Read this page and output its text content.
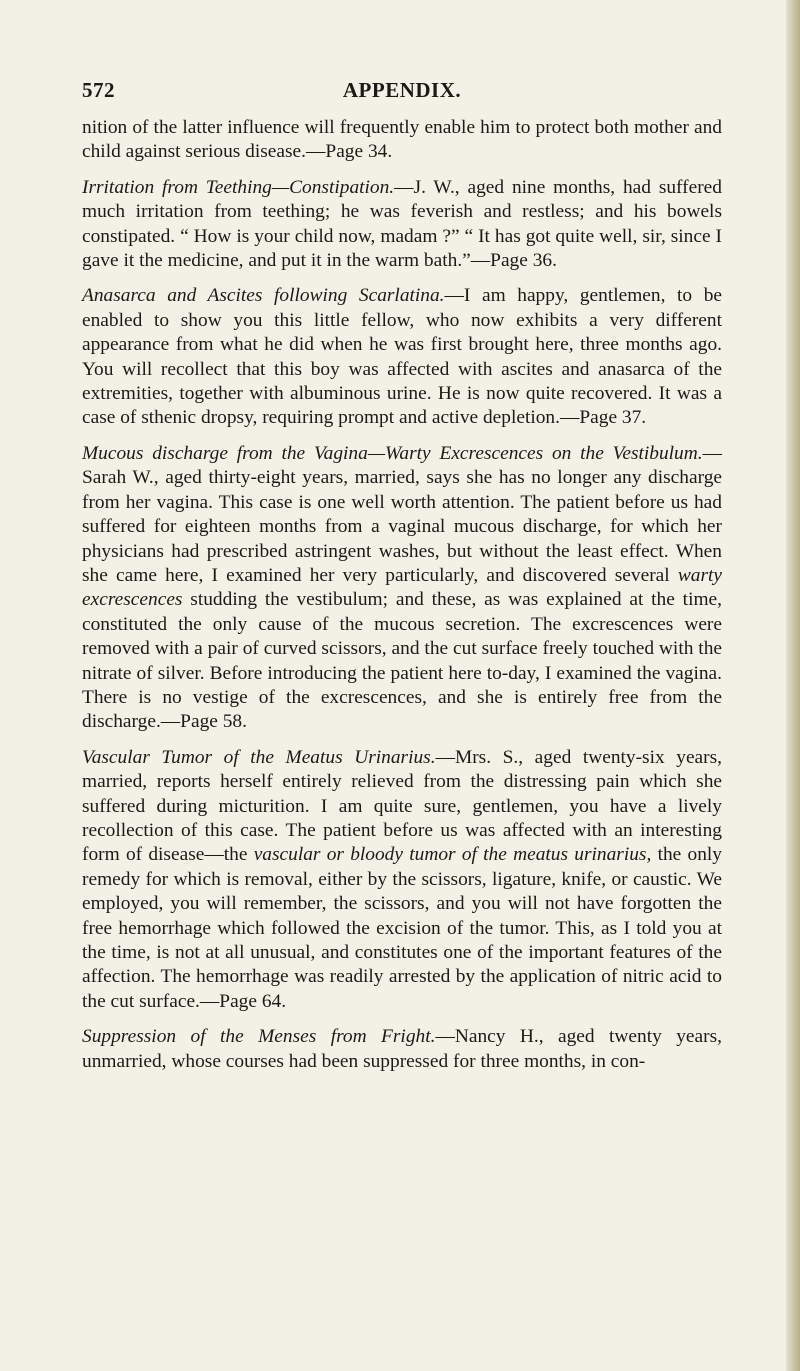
572	APPENDIX.

nition of the latter influence will frequently enable him to protect both mother and child against serious disease.—Page 34.

Irritation from Teething—Constipation.—J. W., aged nine months, had suffered much irritation from teething; he was feverish and restless; and his bowels constipated. “ How is your child now, madam ?” “ It has got quite well, sir, since I gave it the medicine, and put it in the warm bath.”—Page 36.

Anasarca and Ascites following Scarlatina.—I am happy, gentlemen, to be enabled to show you this little fellow, who now exhibits a very different appearance from what he did when he was first brought here, three months ago. You will recollect that this boy was affected with ascites and anasarca of the extremities, together with albuminous urine. He is now quite recovered. It was a case of sthenic dropsy, requiring prompt and active depletion.—Page 37.

Mucous discharge from the Vagina—Warty Excrescences on the Vestibulum.—Sarah W., aged thirty-eight years, married, says she has no longer any discharge from her vagina. This case is one well worth attention. The patient before us had suffered for eighteen months from a vaginal mucous discharge, for which her physicians had prescribed astringent washes, but without the least effect. When she came here, I examined her very particularly, and discovered several warty excrescences studding the vestibulum; and these, as was explained at the time, constituted the only cause of the mucous secretion. The excrescences were removed with a pair of curved scissors, and the cut surface freely touched with the nitrate of silver. Before introducing the patient here to-day, I examined the vagina. There is no vestige of the excrescences, and she is entirely free from the discharge.—Page 58.

Vascular Tumor of the Meatus Urinarius.—Mrs. S., aged twenty-six years, married, reports herself entirely relieved from the distressing pain which she suffered during micturition. I am quite sure, gentlemen, you have a lively recollection of this case. The patient before us was affected with an interesting form of disease—the vascular or bloody tumor of the meatus urinarius, the only remedy for which is removal, either by the scissors, ligature, knife, or caustic. We employed, you will remember, the scissors, and you will not have forgotten the free hemorrhage which followed the excision of the tumor. This, as I told you at the time, is not at all unusual, and constitutes one of the important features of the affection. The hemorrhage was readily arrested by the application of nitric acid to the cut surface.—Page 64.

Suppression of the Menses from Fright.—Nancy H., aged twenty years, unmarried, whose courses had been suppressed for three months, in con-
